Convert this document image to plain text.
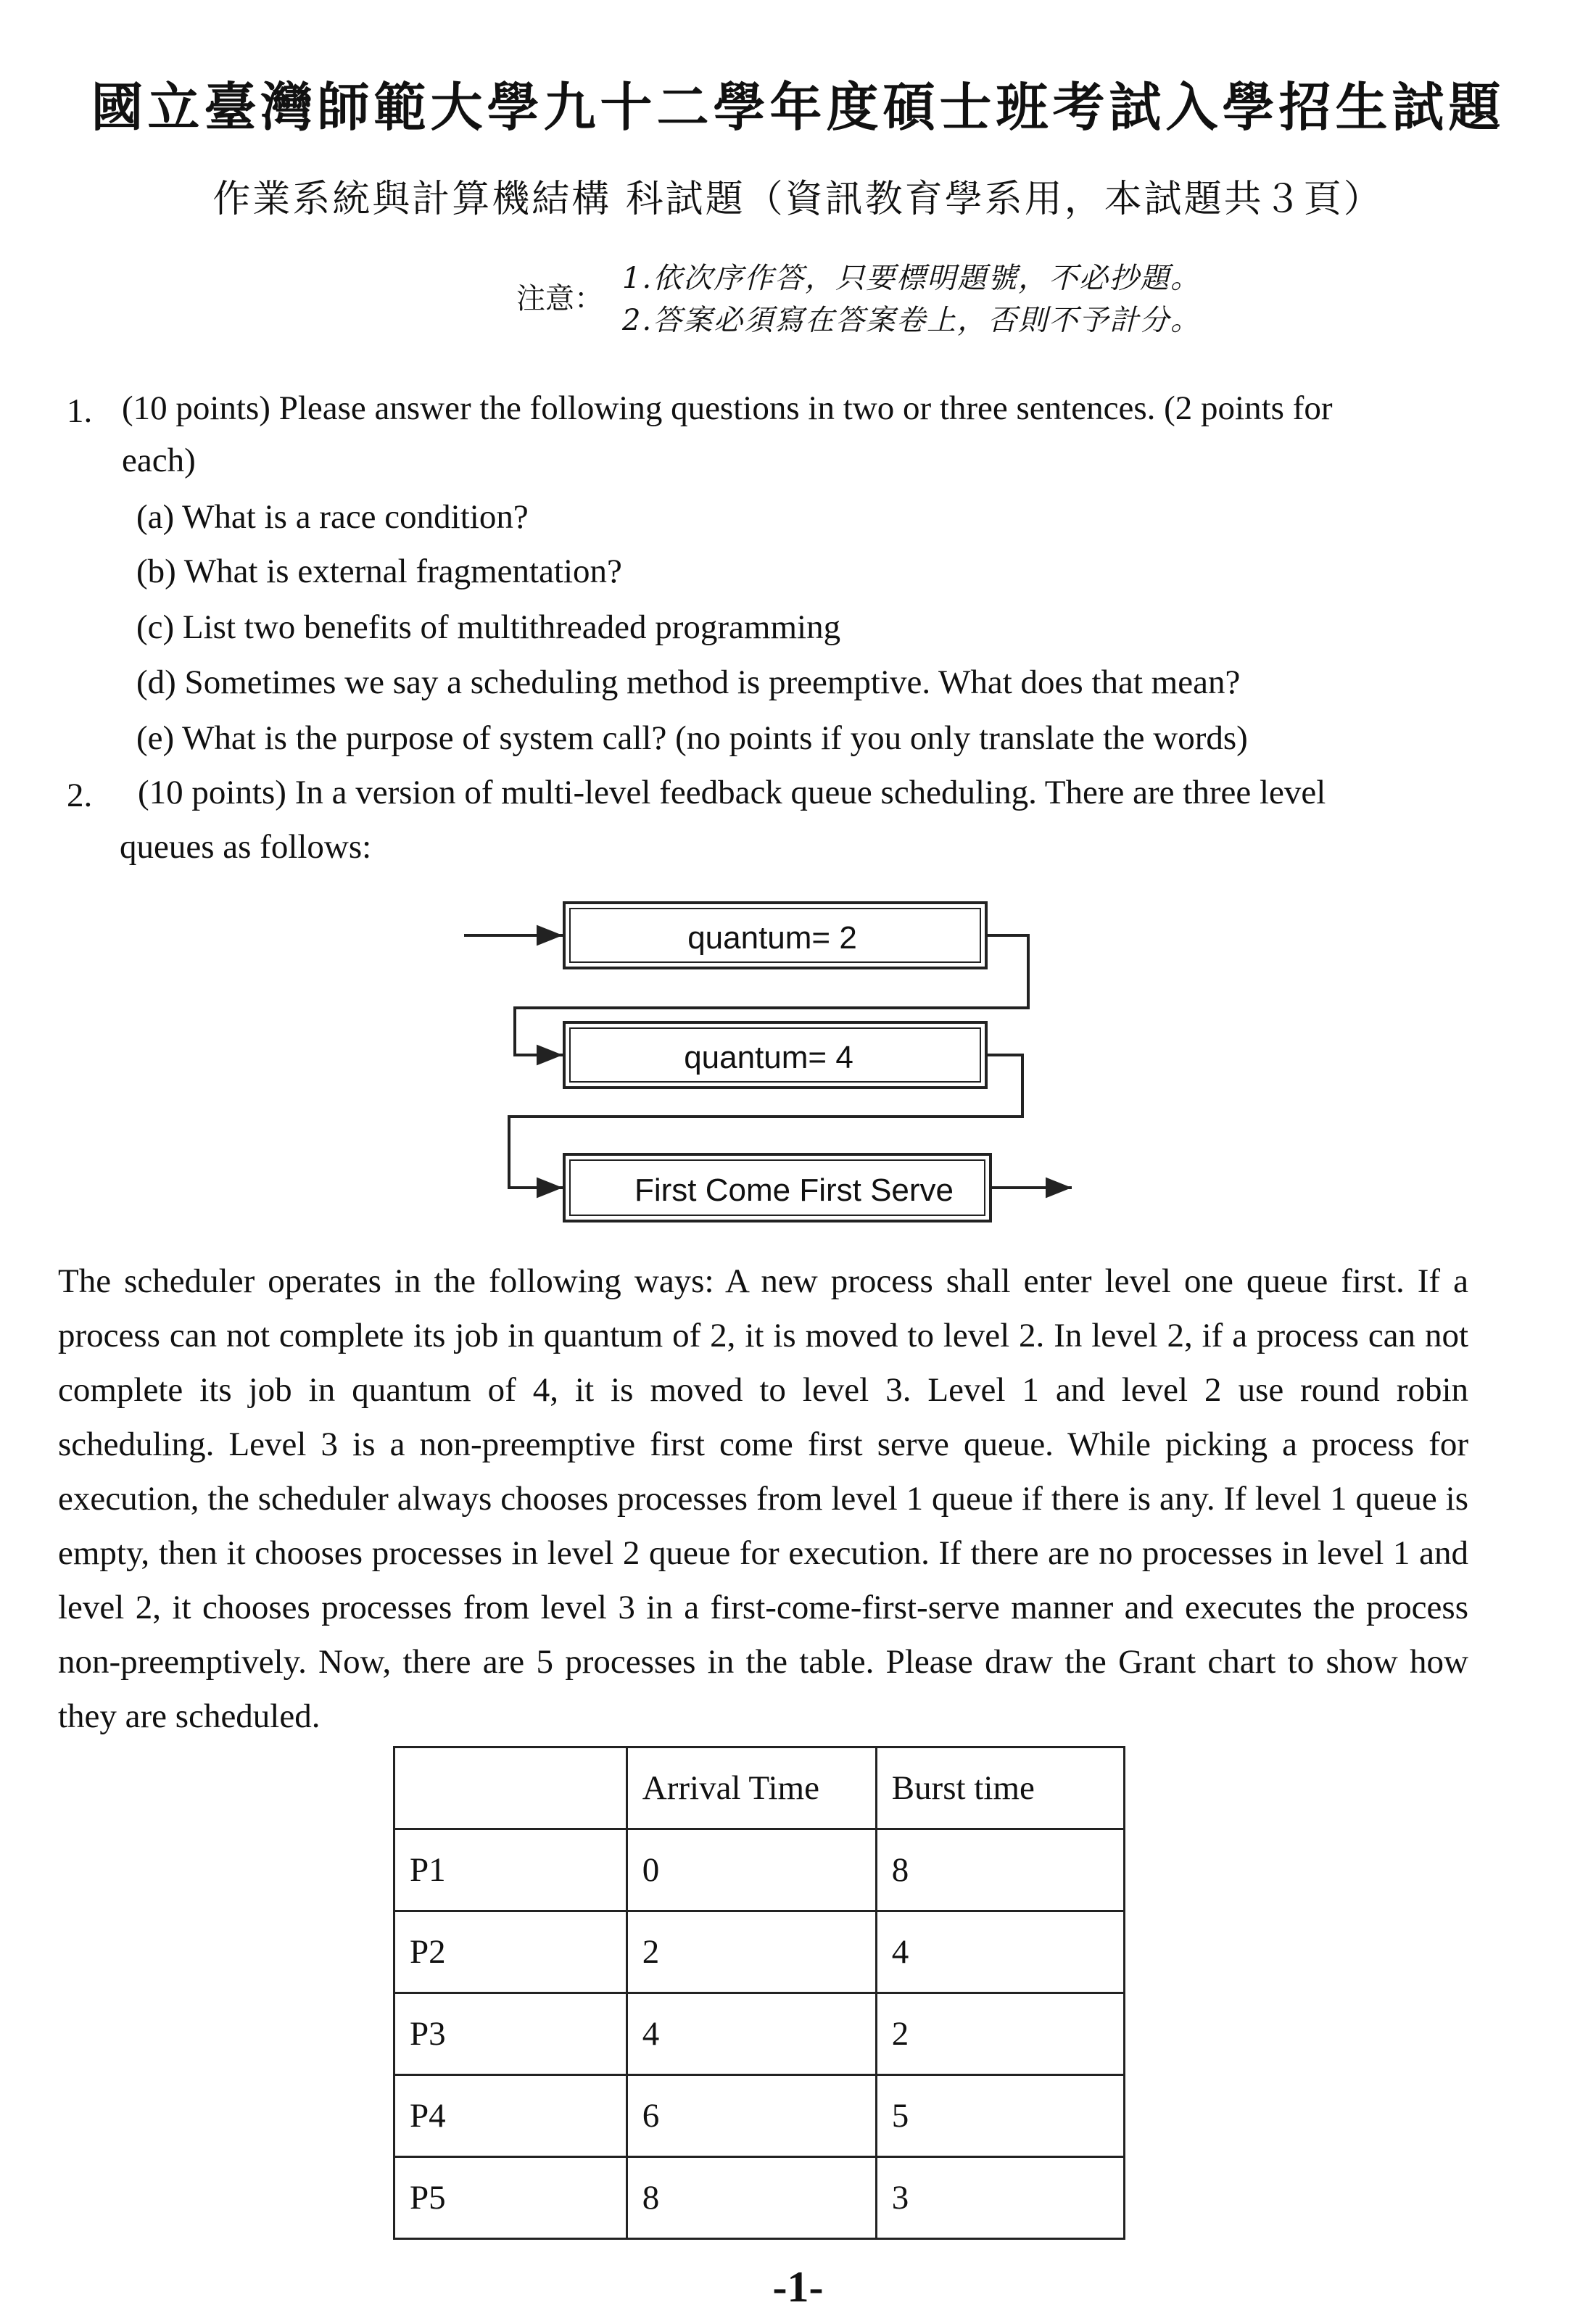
國立臺灣師範大學九十二學年度碩士班考試入學招生試題
作業系統與計算機結構 科試題（資訊教育學系用，本試題共３頁）
注意：
1.依次序作答，只要標明題號，不必抄題。
2.答案必須寫在答案卷上，否則不予計分。
1. (10 points) Please answer the following questions in two or three sentences. (2 points for
each)
(a) What is a race condition?
(b) What is external fragmentation?
(c) List two benefits of multithreaded programming
(d) Sometimes we say a scheduling method is preemptive. What does that mean?
(e) What is the purpose of system call? (no points if you only translate the words)
2. (10 points) In a version of multi-level feedback queue scheduling. There are three level
queues as follows:
quantum= 2
quantum= 4
First Come First Serve
The scheduler operates in the following ways: A new process shall enter level one queue first. If a process can not complete its job in quantum of 2, it is moved to level 2. In level 2, if a process can not complete its job in quantum of 4, it is moved to level 3. Level 1 and level 2 use round robin scheduling. Level 3 is a non-preemptive first come first serve queue. While picking a process for execution, the scheduler always chooses processes from level 1 queue if there is any. If level 1 queue is empty, then it chooses processes in level 2 queue for execution. If there are no processes in level 1 and level 2, it chooses processes from level 3 in a first-come-first-serve manner and executes the process non-preemptively. Now, there are 5 processes in the table. Please draw the Grant chart to show how they are scheduled.
	Arrival Time	Burst time
P1	0	8
P2	2	4
P3	4	2
P4	6	5
P5	8	3
-1-
